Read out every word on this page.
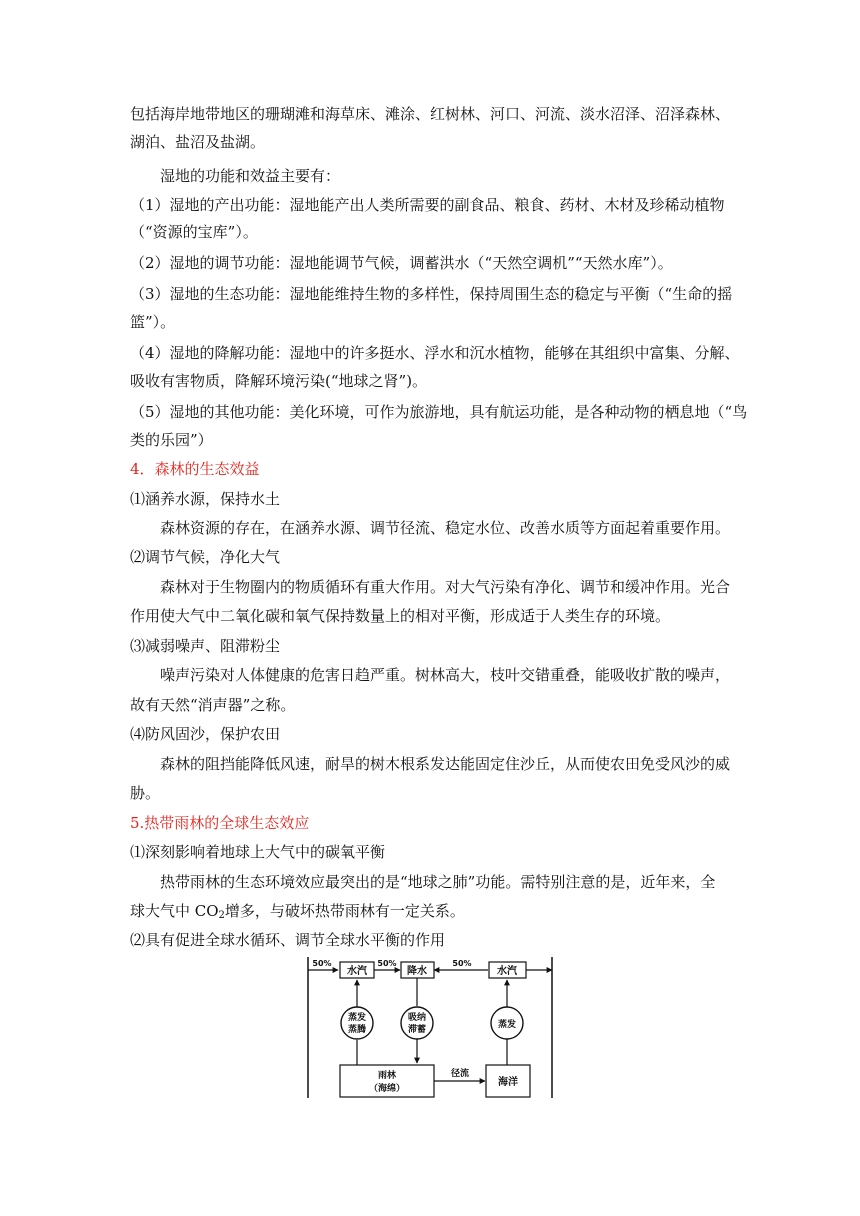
包括海岸地带地区的珊瑚滩和海草床、滩涂、红树林、河口、河流、淡水沼泽、沼泽森林、
湖泊、盐沼及盐湖。
湿地的功能和效益主要有：
（1）湿地的产出功能：湿地能产出人类所需要的副食品、粮食、药材、木材及珍稀动植物
（“资源的宝库”）。
（2）湿地的调节功能：湿地能调节气候，调蓄洪水（“天然空调机”“天然水库”）。
（3）湿地的生态功能：湿地能维持生物的多样性，保持周围生态的稳定与平衡（“生命的摇
篮”）。
（4）湿地的降解功能：湿地中的许多挺水、浮水和沉水植物，能够在其组织中富集、分解、
吸收有害物质，降解环境污染(“地球之肾”)。
（5）湿地的其他功能：美化环境，可作为旅游地，具有航运功能，是各种动物的栖息地（“鸟
类的乐园”）
4．森林的生态效益
⑴涵养水源，保持水土
森林资源的存在，在涵养水源、调节径流、稳定水位、改善水质等方面起着重要作用。
⑵调节气候，净化大气
森林对于生物圈内的物质循环有重大作用。对大气污染有净化、调节和缓冲作用。光合
作用使大气中二氧化碳和氧气保持数量上的相对平衡，形成适于人类生存的环境。
⑶减弱噪声、阻滞粉尘
噪声污染对人体健康的危害日趋严重。树林高大，枝叶交错重叠，能吸收扩散的噪声，
故有天然“消声器”之称。
⑷防风固沙，保护农田
森林的阻挡能降低风速，耐旱的树木根系发达能固定住沙丘，从而使农田免受风沙的威
胁。
5.热带雨林的全球生态效应
⑴深刻影响着地球上大气中的碳氧平衡
热带雨林的生态环境效应最突出的是“地球之肺”功能。需特别注意的是，近年来，全
球大气中 $CO_2$增多，与破坏热带雨林有一定关系。
⑵具有促进全球水循环、调节全球水平衡的作用
50%	50%	50%
水汽	降水	水汽
蒸发
蒸腾
吸纳
滞蓄	蒸发
雨林
（海绵）
径流
海洋
